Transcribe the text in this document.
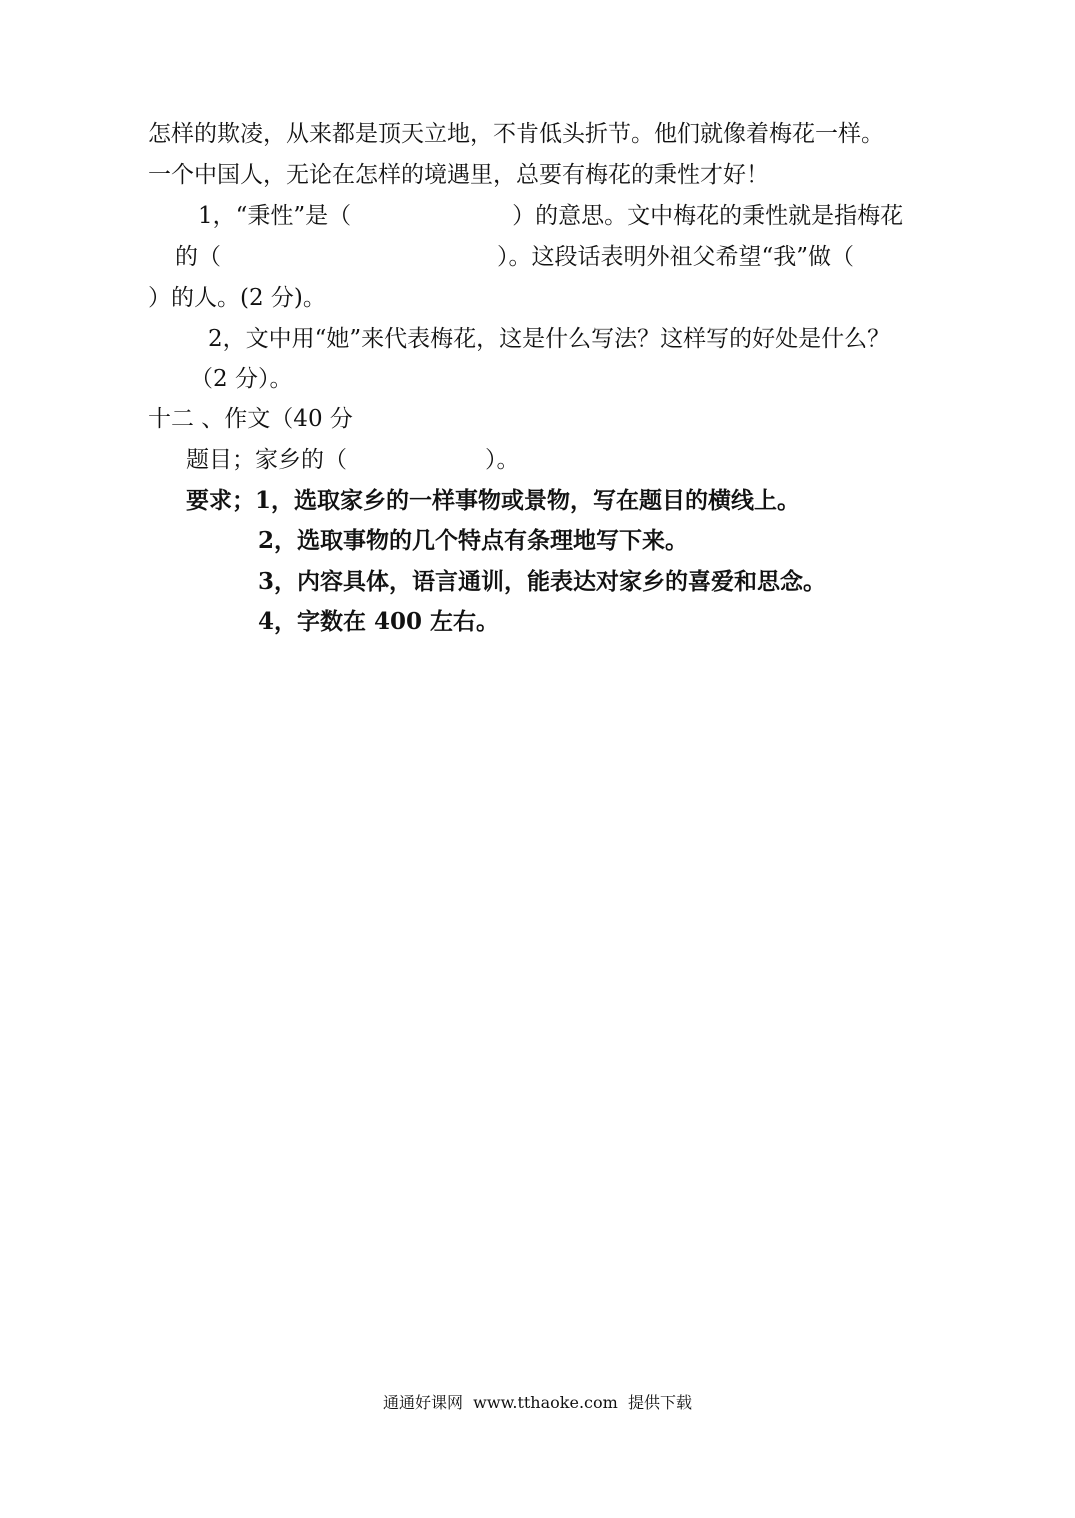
怎样的欺凌，从来都是顶天立地，不肯低头折节。他们就像着梅花一样。
一个中国人，无论在怎样的境遇里，总要有梅花的秉性才好！
1，“秉性”是（　　　　　　　）的意思。文中梅花的秉性就是指梅花
的（　　　　　　　　　　　　）。这段话表明外祖父希望“我”做（
）的人。(2 分)。
2，文中用“她”来代表梅花，这是什么写法？这样写的好处是什么？
（2 分）。
十二 、作文（40 分
题目；家乡的（　　　　　　）。
要求；1，选取家乡的一样事物或景物，写在题目的横线上。
2，选取事物的几个特点有条理地写下来。
3，内容具体，语言通训，能表达对家乡的喜爱和思念。
4，字数在 400 左右。
通通好课网  www.tthaoke.com  提供下载
